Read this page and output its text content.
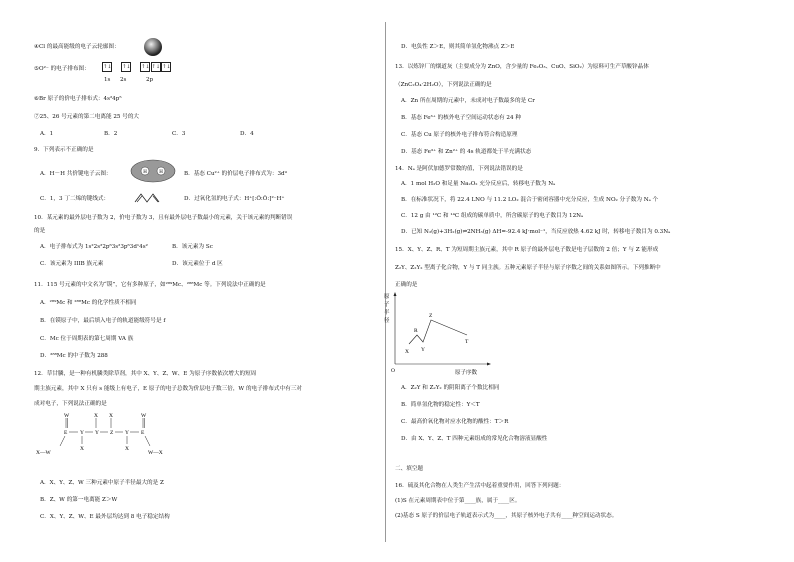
④Cl 的最高能级的电子云轮廓图：
⑤O²⁻ 的电子排布图：	↑↓ ↑↓ ↑↓ ↑↓ ↑↓
1s 2s	2p
⑥Br 原子的价电子排布式：4s²4p⁵
⑦25、26 号元素的第二电离能 25 号的大
A．1	B．2	C．3	D．4
9．下列表示不正确的是
A．H－H 共价键电子云图：	H H	B．基态 Cu²⁺ 的价层电子排布式为：3d⁹
C．1，3 丁二烯的键线式：	D．过氧化氢的电子式：H⁺[:Ö:Ö:]²⁻H⁺
10．某元素的最外层电子数为 2，价电子数为 3，且有最外层电子数最小的元素，关于该元素的判断错误
的是
A．电子排布式为 1s²2s²2p⁶3s²3p⁶3d¹4s²	B．该元素为 Sc
C．该元素为 IIIB 族元素	D．该元素位于 d 区
11．115 号元素的中文名为“镆”，它有多种原子，如²⁸⁹Mc、²⁸⁸Mc 等。下列说法中正确的是
A．²⁸⁹Mc 和 ²⁸⁸Mc 的化学性质不相同
B．在镆原子中，最后填入电子的轨道能级符号是 f
C．Mc 位于周期表的第七周期 VA 族
D．²⁸⁸Mc 的中子数为 288
12．草甘膦，是一种有机膦类除草剂，其中 X、Y、Z、W、E 为原子序数依次增大的短周
期主族元素，其中 X 只有 s 能级上有电子，E 原子的电子总数为价层电子数三倍，W 的电子排布式中有三对
成对电子，下列说法正确的是
W	X X	W
E Y Y Z Y E
X	X
X—W	W—X
A．X、Y、Z、W 三种元素中原子半径最大的是 Z
B．Z、W 的第一电离能 Z＞W
C．X、Y、Z、W、E 最外层均达到 8 电子稳定结构
D．电负性 Z＞E，则其简单氢化物沸点 Z＞E
13．以炼锌厂的烟道灰（主要成分为 ZnO，含少量的 Fe₂O₃、CuO、SiO₂）为原料可生产草酸锌晶体
（ZnC₂O₄·2H₂O），下列说法正确的是
A．Zn 所在周期的元素中，未成对电子数最多的是 Cr
B．基态 Fe³⁺ 的核外电子空间运动状态有 24 种
C．基态 Cu 原子的核外电子排布符合构造原理
D．基态 Fe³⁺ 和 Zn²⁺ 的 4s 轨道都处于半充满状态
14．Nₐ 是阿伏加德罗常数的值，下列说法错误的是
A．1 mol H₂O 和足量 Na₂O₂ 充分反应后，转移电子数为 Nₐ
B．在标准状况下，将 22.4 LNO 与 11.2 LO₂ 混合于密闭容器中充分反应，生成 NO₂ 分子数为 Nₐ 个
C．12 g 由 ¹²C 和 ¹⁴C 组成的碳单质中，所含碳原子的电子数目为 12Nₐ
D．已知 N₂(g)+3H₂(g)⇌2NH₃(g) ΔH=-92.4 kJ·mol⁻¹，当反应放热 4.62 kJ 时，转移电子数目为 0.3Nₐ
15．X、Y、Z、R、T 为短周期主族元素，其中 R 原子的最外层电子数是电子层数的 2 倍；Y 与 Z 能形成
Z₂Y、Z₂Y₂ 型离子化合物，Y 与 T 同主族。五种元素原子半径与原子序数之间的关系如图所示。下列推断中
正确的是
原
子
半
径
O	原子序数
X
R
Y
Z
T
A．Z₂Y 和 Z₂Y₂ 的阴阳离子个数比相同
B．简单氢化物的稳定性：Y＜T
C．最高价氧化物对应水化物的酸性：T＞R
D．由 X、Y、Z、T 四种元素组成的常见化合物溶液显酸性
二、填空题
16．硫及其化合物在人类生产生活中起着重要作用，回答下列问题：
(1)S 在元素周期表中位于第____族，属于____区。
(2)基态 S 原子的价层电子轨道表示式为____，其原子核外电子共有____种空间运动状态。
